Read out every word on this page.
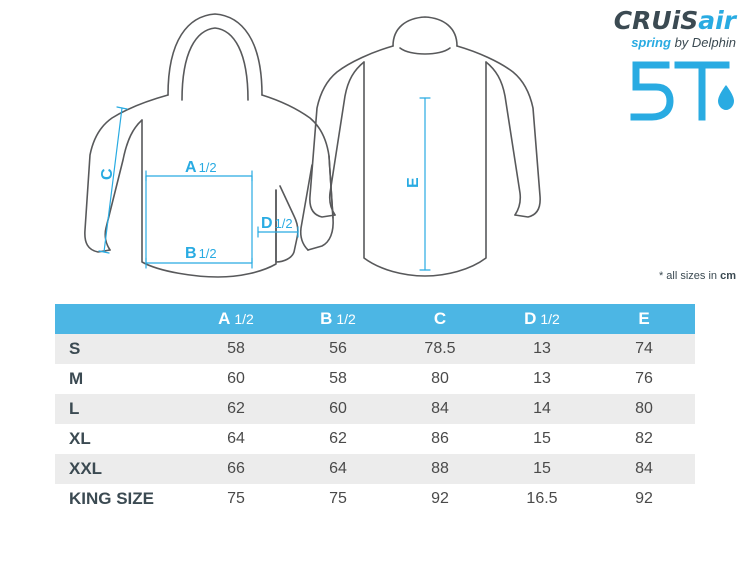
A 1/2
B 1/2
C
D 1/2
E
CRUiSair
spring by Delphin
* all sizes in cm
	A 1/2	B 1/2	C	D 1/2	E
S	58	56	78.5	13	74
M	60	58	80	13	76
L	62	60	84	14	80
XL	64	62	86	15	82
XXL	66	64	88	15	84
KING SIZE	75	75	92	16.5	92
